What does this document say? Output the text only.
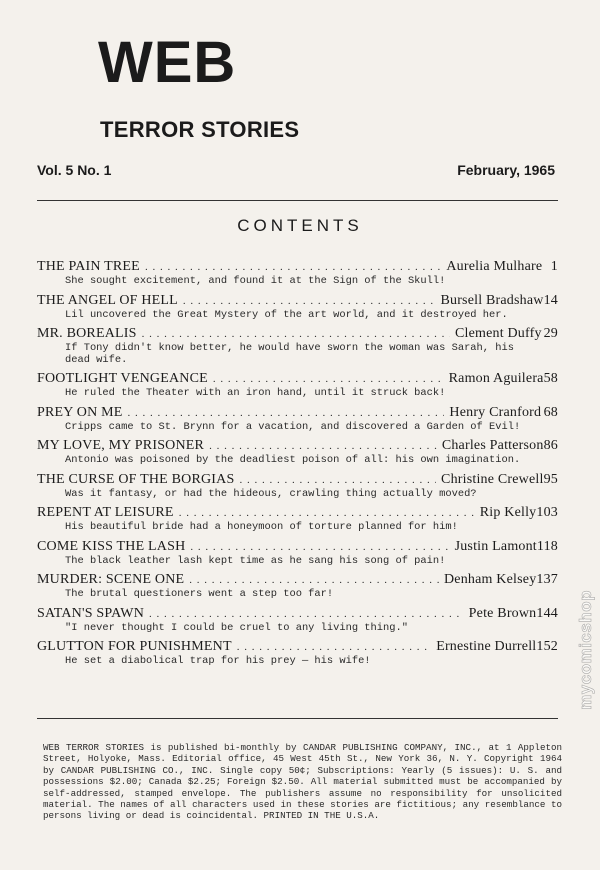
WEB
TERROR STORIES
Vol. 5 No. 1	February, 1965
CONTENTS
THE PAIN TREE . . .	Aurelia Mulhare 1
She sought excitement, and found it at the Sign of the Skull!
THE ANGEL OF HELL . . .	Bursell Bradshaw 14
Lil uncovered the Great Mystery of the art world, and it destroyed her.
MR. BOREALIS . . .	Clement Duffy 29
If Tony didn't know better, he would have sworn the woman was Sarah, his dead wife.
FOOTLIGHT VENGEANCE . . .	Ramon Aguilera 58
He ruled the Theater with an iron hand, until it struck back!
PREY ON ME . . .	Henry Cranford 68
Cripps came to St. Brynn for a vacation, and discovered a Garden of Evil!
MY LOVE, MY PRISONER . . .	Charles Patterson 86
Antonio was poisoned by the deadliest poison of all: his own imagination.
THE CURSE OF THE BORGIAS . . .	Christine Crewell 95
Was it fantasy, or had the hideous, crawling thing actually moved?
REPENT AT LEISURE . . .	Rip Kelly 103
His beautiful bride had a honeymoon of torture planned for him!
COME KISS THE LASH . . .	Justin Lamont 118
The black leather lash kept time as he sang his song of pain!
MURDER: SCENE ONE . . .	Denham Kelsey 137
The brutal questioners went a step too far!
SATAN'S SPAWN . . .	Pete Brown 144
"I never thought I could be cruel to any living thing."
GLUTTON FOR PUNISHMENT . . .	Ernestine Durrell 152
He set a diabolical trap for his prey — his wife!
WEB TERROR STORIES is published bi-monthly by CANDAR PUBLISHING COMPANY, INC., at 1 Appleton Street, Holyoke, Mass. Editorial office, 45 West 45th St., New York 36, N. Y. Copyright 1964 by CANDAR PUBLISHING CO., INC. Single copy 50¢; Subscriptions: Yearly (5 issues): U. S. and possessions $2.00; Canada $2.25; Foreign $2.50. All material submitted must be accompanied by self-addressed, stamped envelope. The publishers assume no responsibility for unsolicited material. The names of all characters used in these stories are fictitious; any resemblance to persons living or dead is coincidental. PRINTED IN THE U.S.A.
mycomicshop
